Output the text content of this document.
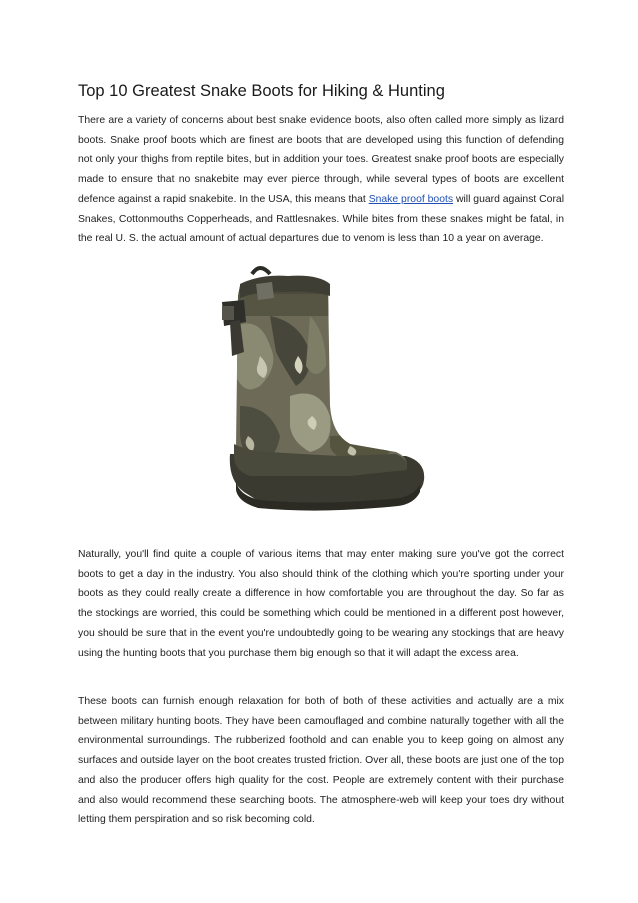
Top 10 Greatest Snake Boots for Hiking & Hunting

There are a variety of concerns about best snake evidence boots, also often called more simply as lizard boots. Snake proof boots which are finest are boots that are developed using this function of defending not only your thighs from reptile bites, but in addition your toes. Greatest snake proof boots are especially made to ensure that no snakebite may ever pierce through, while several types of boots are excellent defence against a rapid snakebite. In the USA, this means that Snake proof boots will guard against Coral Snakes, Cottonmouths Copperheads, and Rattlesnakes. While bites from these snakes might be fatal, in the real U. S. the actual amount of actual departures due to venom is less than 10 a year on average.

Naturally, you'll find quite a couple of various items that may enter making sure you've got the correct boots to get a day in the industry. You also should think of the clothing which you're sporting under your boots as they could really create a difference in how comfortable you are throughout the day. So far as the stockings are worried, this could be something which could be mentioned in a different post however, you should be sure that in the event you're undoubtedly going to be wearing any stockings that are heavy using the hunting boots that you purchase them big enough so that it will adapt the excess area.

These boots can furnish enough relaxation for both of both of these activities and actually are a mix between military hunting boots. They have been camouflaged and combine naturally together with all the environmental surroundings. The rubberized foothold and can enable you to keep going on almost any surfaces and outside layer on the boot creates trusted friction. Over all, these boots are just one of the top and also the producer offers high quality for the cost. People are extremely content with their purchase and also would recommend these searching boots. The atmosphere-web will keep your toes dry without letting them perspiration and so risk becoming cold.
